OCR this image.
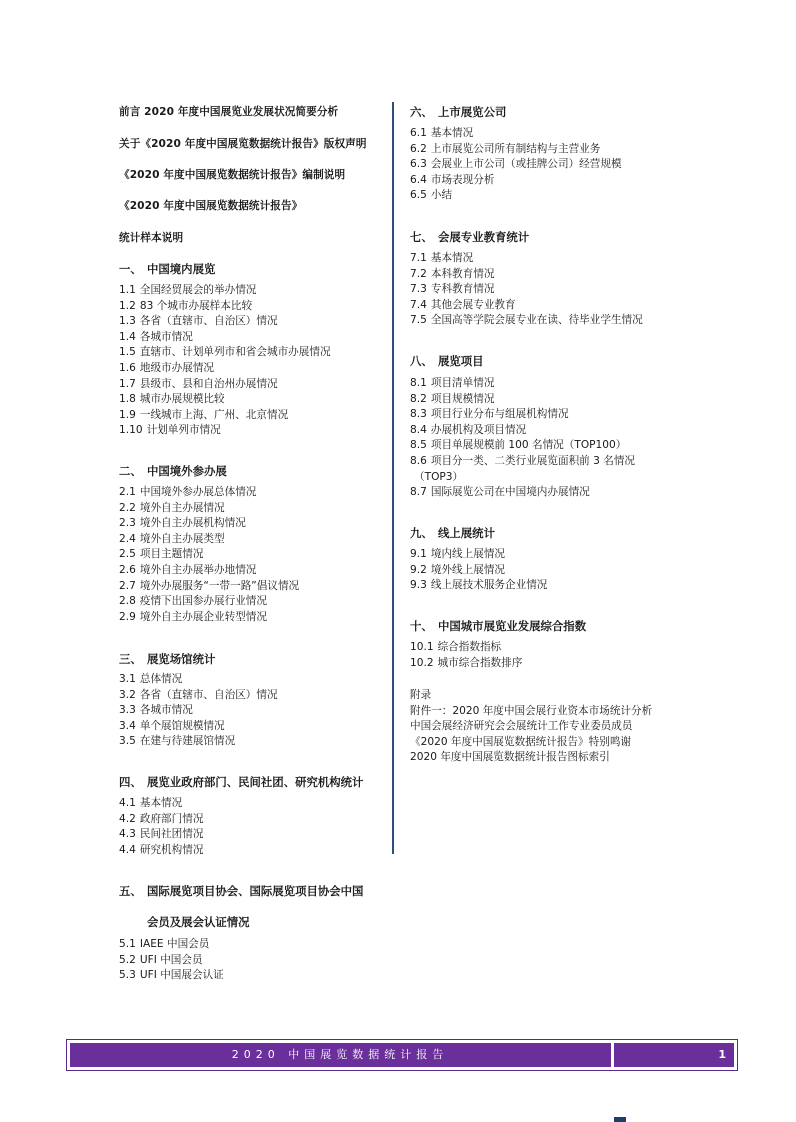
前言 2020 年度中国展览业发展状况简要分析
关于《2020 年度中国展览数据统计报告》版权声明
《2020 年度中国展览数据统计报告》编制说明
《2020 年度中国展览数据统计报告》
统计样本说明
一、 中国境内展览
1.1 全国经贸展会的举办情况
1.2 83 个城市办展样本比较
1.3 各省（直辖市、自治区）情况
1.4 各城市情况
1.5 直辖市、计划单列市和省会城市办展情况
1.6 地级市办展情况
1.7 县级市、县和自治州办展情况
1.8 城市办展规模比较
1.9 一线城市上海、广州、北京情况
1.10 计划单列市情况
二、 中国境外参办展
2.1 中国境外参办展总体情况
2.2 境外自主办展情况
2.3 境外自主办展机构情况
2.4 境外自主办展类型
2.5 项目主题情况
2.6 境外自主办展举办地情况
2.7 境外办展服务“一带一路”倡议情况
2.8 疫情下出国参办展行业情况
2.9 境外自主办展企业转型情况
三、 展览场馆统计
3.1 总体情况
3.2 各省（直辖市、自治区）情况
3.3 各城市情况
3.4 单个展馆规模情况
3.5 在建与待建展馆情况
四、 展览业政府部门、民间社团、研究机构统计
4.1 基本情况
4.2 政府部门情况
4.3 民间社团情况
4.4 研究机构情况
五、 国际展览项目协会、国际展览项目协会中国
会员及展会认证情况
5.1 IAEE 中国会员
5.2 UFI 中国会员
5.3 UFI 中国展会认证
六、 上市展览公司
6.1 基本情况
6.2 上市展览公司所有制结构与主营业务
6.3 会展业上市公司（或挂牌公司）经营规模
6.4 市场表现分析
6.5 小结
七、 会展专业教育统计
7.1 基本情况
7.2 本科教育情况
7.3 专科教育情况
7.4 其他会展专业教育
7.5 全国高等学院会展专业在读、待毕业学生情况
八、 展览项目
8.1 项目清单情况
8.2 项目规模情况
8.3 项目行业分布与组展机构情况
8.4 办展机构及项目情况
8.5 项目单展规模前 100 名情况（TOP100）
8.6 项目分一类、二类行业展览面积前 3 名情况
（TOP3）
8.7 国际展览公司在中国境内办展情况
九、 线上展统计
9.1 境内线上展情况
9.2 境外线上展情况
9.3 线上展技术服务企业情况
十、 中国城市展览业发展综合指数
10.1 综合指数指标
10.2 城市综合指数排序
附录
附件一：2020 年度中国会展行业资本市场统计分析
中国会展经济研究会会展统计工作专业委员成员
《2020 年度中国展览数据统计报告》特别鸣谢
2020 年度中国展览数据统计报告图标索引
2020 中国展览数据统计报告	1
